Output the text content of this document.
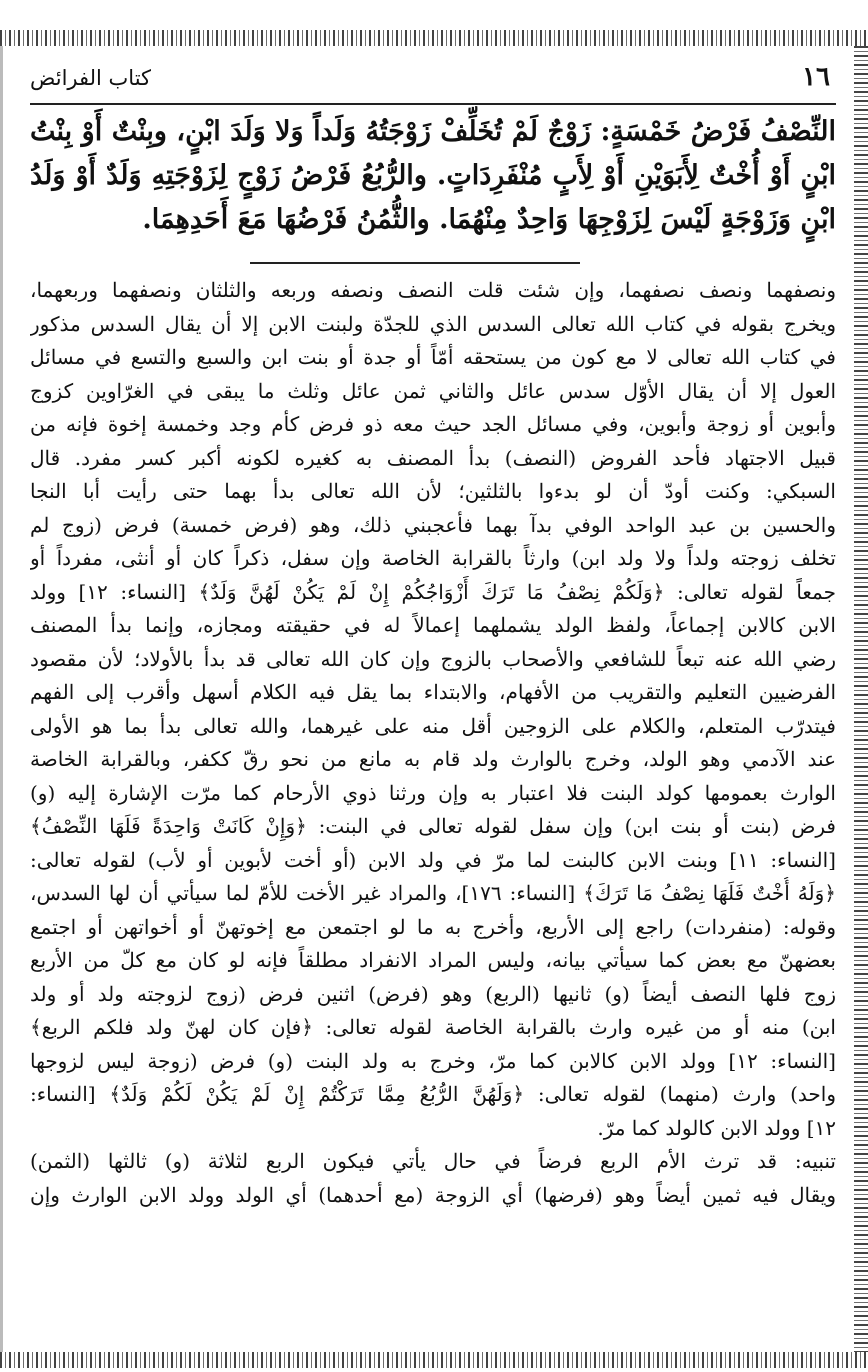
١٦
كتاب الفرائض
النِّصْفُ فَرْضُ خَمْسَةٍ: زَوْجٌ لَمْ تُخَلِّفْ زَوْجَتُهُ وَلَداً وَلا وَلَدَ ابْنٍ، وبِنْتٌ أَوْ بِنْتُ ابْنٍ أَوْ أُخْتٌ لِأَبَوَيْنِ أَوْ لِأَبٍ مُنْفَرِدَاتٍ. والرُّبُعُ فَرْضُ زَوْجٍ لِزَوْجَتِهِ وَلَدٌ أَوْ وَلَدُ ابْنٍ وَزَوْجَةٍ لَيْسَ لِزَوْجِهَا وَاحِدٌ مِنْهُمَا. والثُّمُنُ فَرْضُهَا مَعَ أَحَدِهِمَا.
ونصفهما ونصف نصفهما، وإن شئت قلت النصف ونصفه وربعه والثلثان ونصفهما وربعهما،
ويخرج بقوله في كتاب الله تعالى السدس الذي للجدّة ولبنت الابن إلا أن يقال السدس مذكور
في كتاب الله تعالى لا مع كون من يستحقه أمّاً أو جدة أو بنت ابن والسبع والتسع في مسائل
العول إلا أن يقال الأوّل سدس عائل والثاني ثمن عائل وثلث ما يبقى في الغرّاوين كزوج
وأبوين أو زوجة وأبوين، وفي مسائل الجد حيث معه ذو فرض كأم وجد وخمسة إخوة فإنه من
قبيل الاجتهاد فأحد الفروض (النصف) بدأ المصنف به كغيره لكونه أكبر كسر مفرد. قال
السبكي: وكنت أودّ أن لو بدءوا بالثلثين؛ لأن الله تعالى بدأ بهما حتى رأيت أبا النجا
والحسين بن عبد الواحد الوفي بدآ بهما فأعجبني ذلك، وهو (فرض خمسة) فرض (زوج لم
تخلف زوجته ولداً ولا ولد ابن) وارثاً بالقرابة الخاصة وإن سفل، ذكراً كان أو أنثى، مفرداً أو
جمعاً لقوله تعالى: ﴿وَلَكُمْ نِصْفُ مَا تَرَكَ أَزْوَاجُكُمْ إِنْ لَمْ يَكُنْ لَهُنَّ وَلَدٌ﴾ [النساء: ١٢] وولد
الابن كالابن إجماعاً، ولفظ الولد يشملهما إعمالاً له في حقيقته ومجازه، وإنما بدأ المصنف
رضي الله عنه تبعاً للشافعي والأصحاب بالزوج وإن كان الله تعالى قد بدأ بالأولاد؛ لأن مقصود
الفرضيين التعليم والتقريب من الأفهام، والابتداء بما يقل فيه الكلام أسهل وأقرب إلى الفهم
فيتدرّب المتعلم، والكلام على الزوجين أقل منه على غيرهما، والله تعالى بدأ بما هو الأولى
عند الآدمي وهو الولد، وخرج بالوارث ولد قام به مانع من نحو رقّ ككفر، وبالقرابة الخاصة
الوارث بعمومها كولد البنت فلا اعتبار به وإن ورثنا ذوي الأرحام كما مرّت الإشارة إليه (و)
فرض (بنت أو بنت ابن) وإن سفل لقوله تعالى في البنت: ﴿وَإِنْ كَانَتْ وَاحِدَةً فَلَهَا النِّصْفُ﴾
[النساء: ١١] وبنت الابن كالبنت لما مرّ في ولد الابن (أو أخت لأبوين أو لأب) لقوله تعالى:
﴿وَلَهُ أُخْتٌ فَلَهَا نِصْفُ مَا تَرَكَ﴾ [النساء: ١٧٦]، والمراد غير الأخت للأمّ لما سيأتي أن لها السدس،
وقوله: (منفردات) راجع إلى الأربع، وأخرج به ما لو اجتمعن مع إخوتهنّ أو أخواتهن أو اجتمع
بعضهنّ مع بعض كما سيأتي بيانه، وليس المراد الانفراد مطلقاً فإنه لو كان مع كلّ من الأربع
زوج فلها النصف أيضاً (و) ثانيها (الربع) وهو (فرض) اثنين فرض (زوج لزوجته ولد أو ولد
ابن) منه أو من غيره وارث بالقرابة الخاصة لقوله تعالى: ﴿فإن كان لهنّ ولد فلكم الربع﴾
[النساء: ١٢] وولد الابن كالابن كما مرّ، وخرج به ولد البنت (و) فرض (زوجة ليس لزوجها
واحد) وارث (منهما) لقوله تعالى: ﴿وَلَهُنَّ الرُّبُعُ مِمَّا تَرَكْتُمْ إِنْ لَمْ يَكُنْ لَكُمْ وَلَدٌ﴾ [النساء:
١٢] وولد الابن كالولد كما مرّ.
تنبيه: قد ترث الأم الربع فرضاً في حال يأتي فيكون الربع لثلاثة (و) ثالثها (الثمن)
ويقال فيه ثمين أيضاً وهو (فرضها) أي الزوجة (مع أحدهما) أي الولد وولد الابن الوارث وإن
